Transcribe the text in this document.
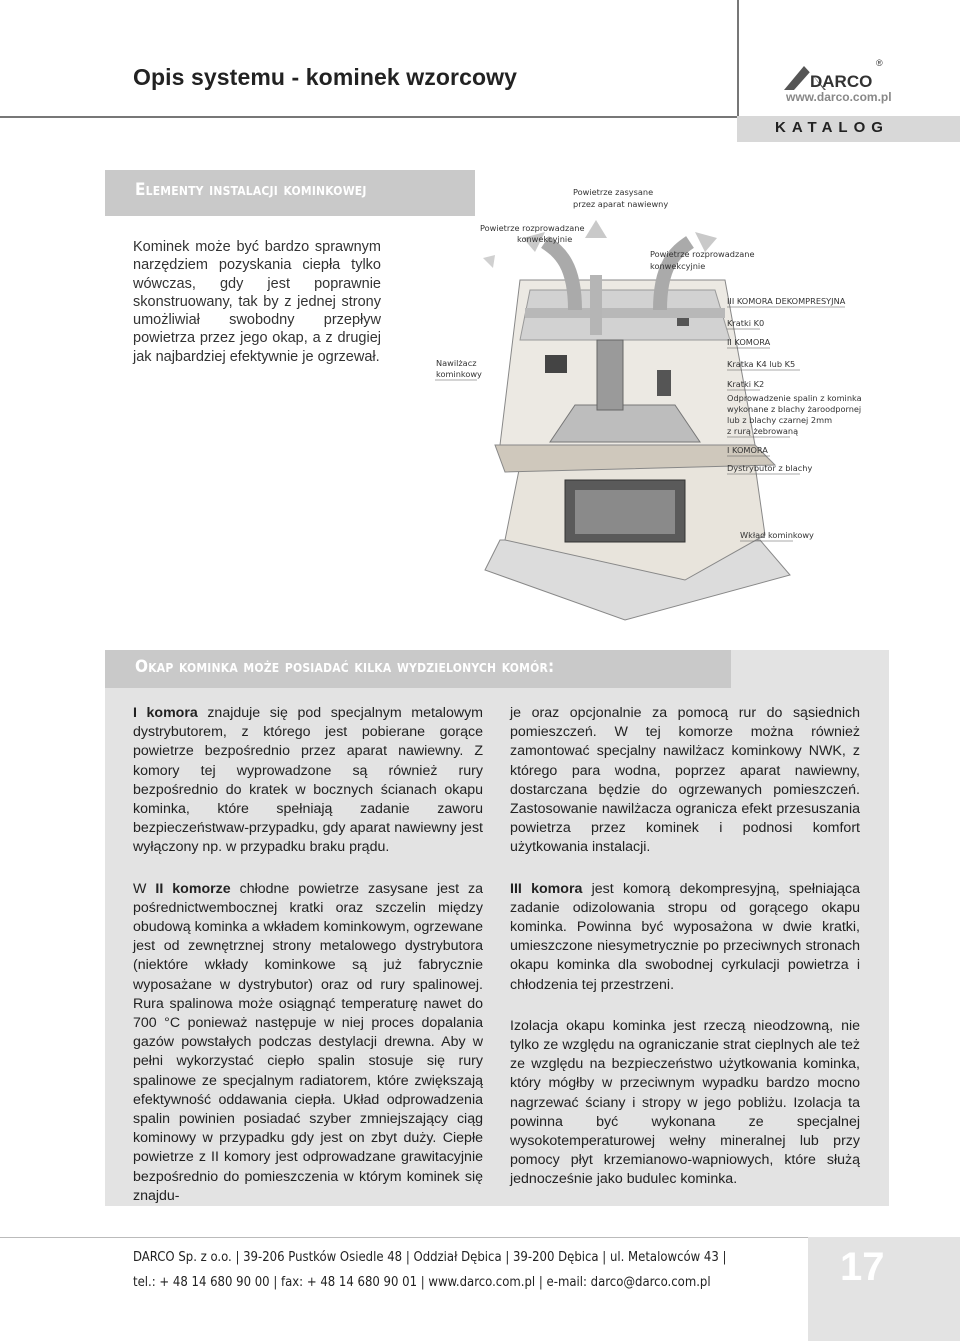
Opis systemu - kominek wzorcowy	DARCO
®
www.darco.com.pl
KATALOG
Elementy instalacji kominkowej
Kominek może być bardzo sprawnym narzędziem pozyskania ciepła tylko wówczas, gdy jest poprawnie skonstruowany, tak by z jednej strony umożliwiał swobodny przepływ powietrza przez jego okap, a z drugiej jak najbardziej efektywnie je ogrzewał.
Powietrze zasysane
przez aparat nawiewny
Powietrze rozprowadzane
konwekcyjnie
Powietrze rozprowadzane
konwekcyjnie
Nawilżacz
kominkowy
III KOMORA DEKOMPRESYJNA
Kratki K0
II KOMORA
Kratka K4 lub K5
Kratki K2
Odprowadzenie spalin z kominka
wykonane z blachy żaroodpornej
lub z blachy czarnej 2mm
z rurą żebrowaną
I KOMORA
Dystrybutor z blachy
Wkład kominkowy
Okap kominka może posiadać kilka wydzielonych komór:

I komora znajduje się pod specjalnym metalowym dystrybutorem, z którego jest pobierane gorące powietrze bezpośrednio przez aparat nawiewny. Z komory tej wyprowadzone są również rury bezpośrednio do kratek w bocznych ścianach okapu kominka, które spełniają zadanie zaworu bezpieczeństwaw-przypadku, gdy aparat nawiewny jest wyłączony np. w przypadku braku prądu.

W II komorze chłodne powietrze zasysane jest za pośrednictwembocznej kratki oraz szczelin między obudową kominka a wkładem kominkowym, ogrzewane jest od zewnętrznej strony metalowego dystrybutora (niektóre wkłady kominkowe są już fabrycznie wyposażane w dystrybutor) oraz od rury spalinowej. Rura spalinowa może osiągnąć temperaturę nawet do 700 °C ponieważ następuje w niej proces dopalania gazów powstałych podczas destylacji drewna. Aby w pełni wykorzystać ciepło spalin stosuje się rury spalinowe ze specjalnym radiatorem, które zwiększają efektywność oddawania ciepła. Układ odprowadzenia spalin powinien posiadać szyber zmniejszający ciąg kominowy w przypadku gdy jest on zbyt duży. Ciepłe powietrze z II komory jest odprowadzane grawitacyjnie bezpośrednio do pomieszczenia w którym kominek się znajdu-

je oraz opcjonalnie za pomocą rur do sąsiednich pomieszczeń. W tej komorze można również zamontować specjalny nawilżacz kominkowy NWK, z którego para wodna, poprzez aparat nawiewny, dostarczana będzie do ogrzewanych pomieszczeń. Zastosowanie nawilżacza ogranicza efekt przesuszania powietrza przez kominek i podnosi komfort użytkowania instalacji.

III komora jest komorą dekompresyjną, spełniająca zadanie odizolowania stropu od gorącego okapu kominka. Powinna być wyposażona w dwie kratki, umieszczone niesymetrycznie po przeciwnych stronach okapu kominka dla swobodnej cyrkulacji powietrza i chłodzenia tej przestrzeni.

Izolacja okapu kominka jest rzeczą nieodzowną, nie tylko ze względu na ograniczanie strat cieplnych ale też ze względu na bezpieczeństwo użytkowania kominka, który mógłby w przeciwnym wypadku bardzo mocno nagrzewać ściany i stropy w jego pobliżu. Izolacja ta powinna być wykonana ze specjalnej wysokotemperaturowej wełny mineralnej lub przy pomocy płyt krzemianowo-wapniowych, które służą jednocześnie jako budulec kominka.

17
DARCO Sp. z o.o. | 39-206 Pustków Osiedle 48 | Oddział Dębica | 39-200 Dębica | ul. Metalowców 43 |
tel.: + 48 14 680 90 00 | fax: + 48 14 680 90 01 | www.darco.com.pl | e-mail: darco@darco.com.pl
